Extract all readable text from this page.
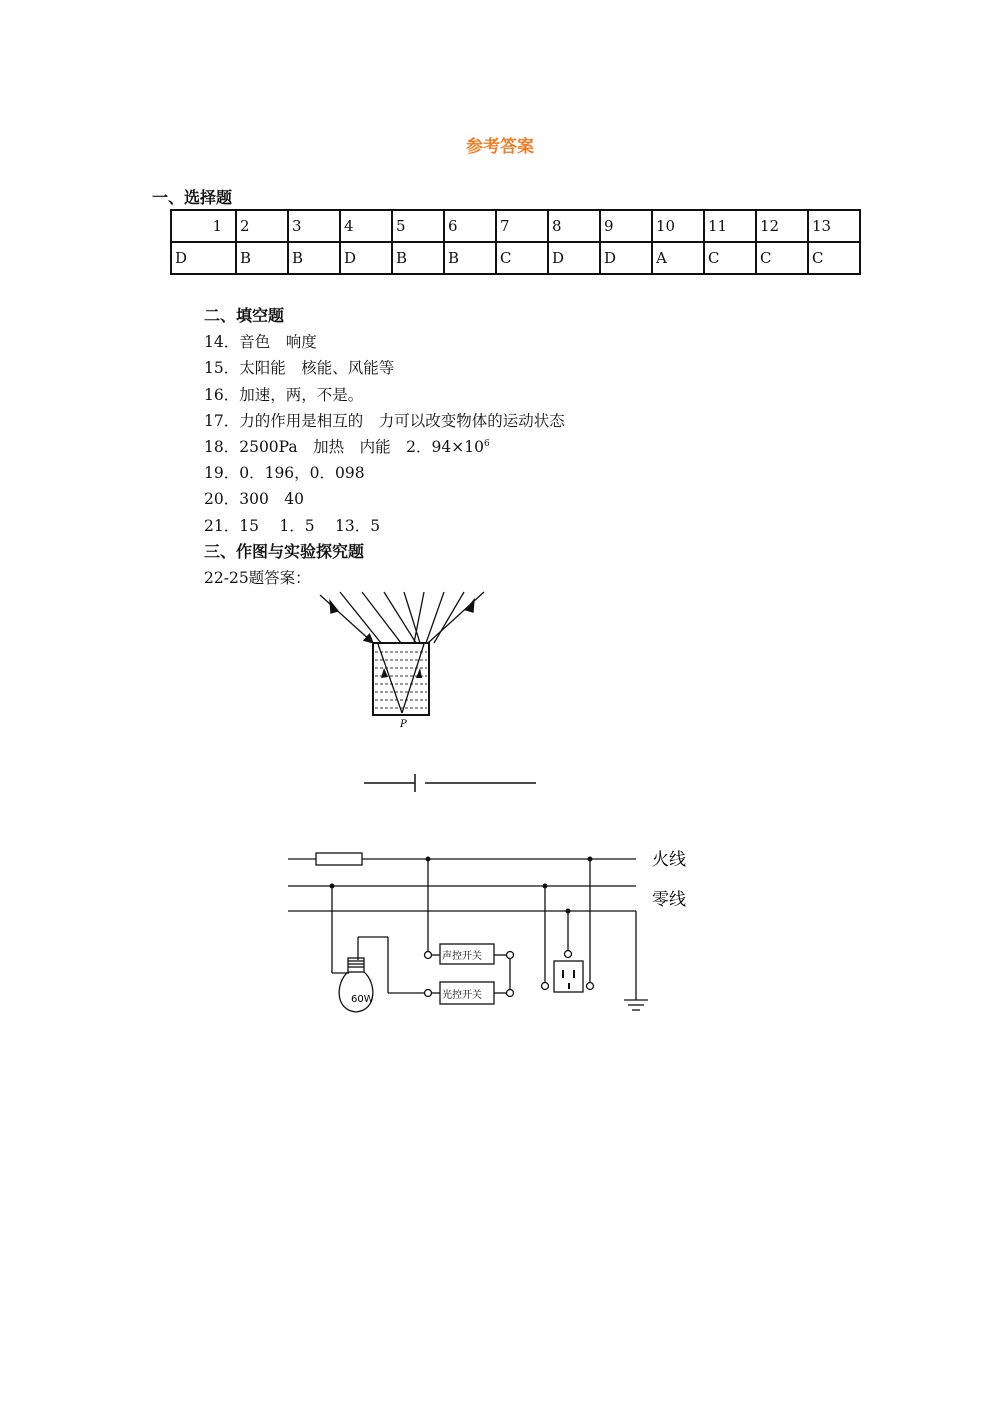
参考答案
一、选择题
1	2	3	4	5	6	7	8	9	10	11	12	13
D	B	B	D	B	B	C	D	D	A	C	C	C
二、填空题
14．音色　响度
15．太阳能　核能、风能等
16．加速，两，不是。
17．力的作用是相互的　力可以改变物体的运动状态
18．2500Pa　加热　内能　2．$94\times 10^6$
19．0．196，0．098
20．300　40
21．15　 1．5　 13．5
三、作图与实验探究题
22-25题答案：
P
60W
声控开关
光控开关
火线
零线
